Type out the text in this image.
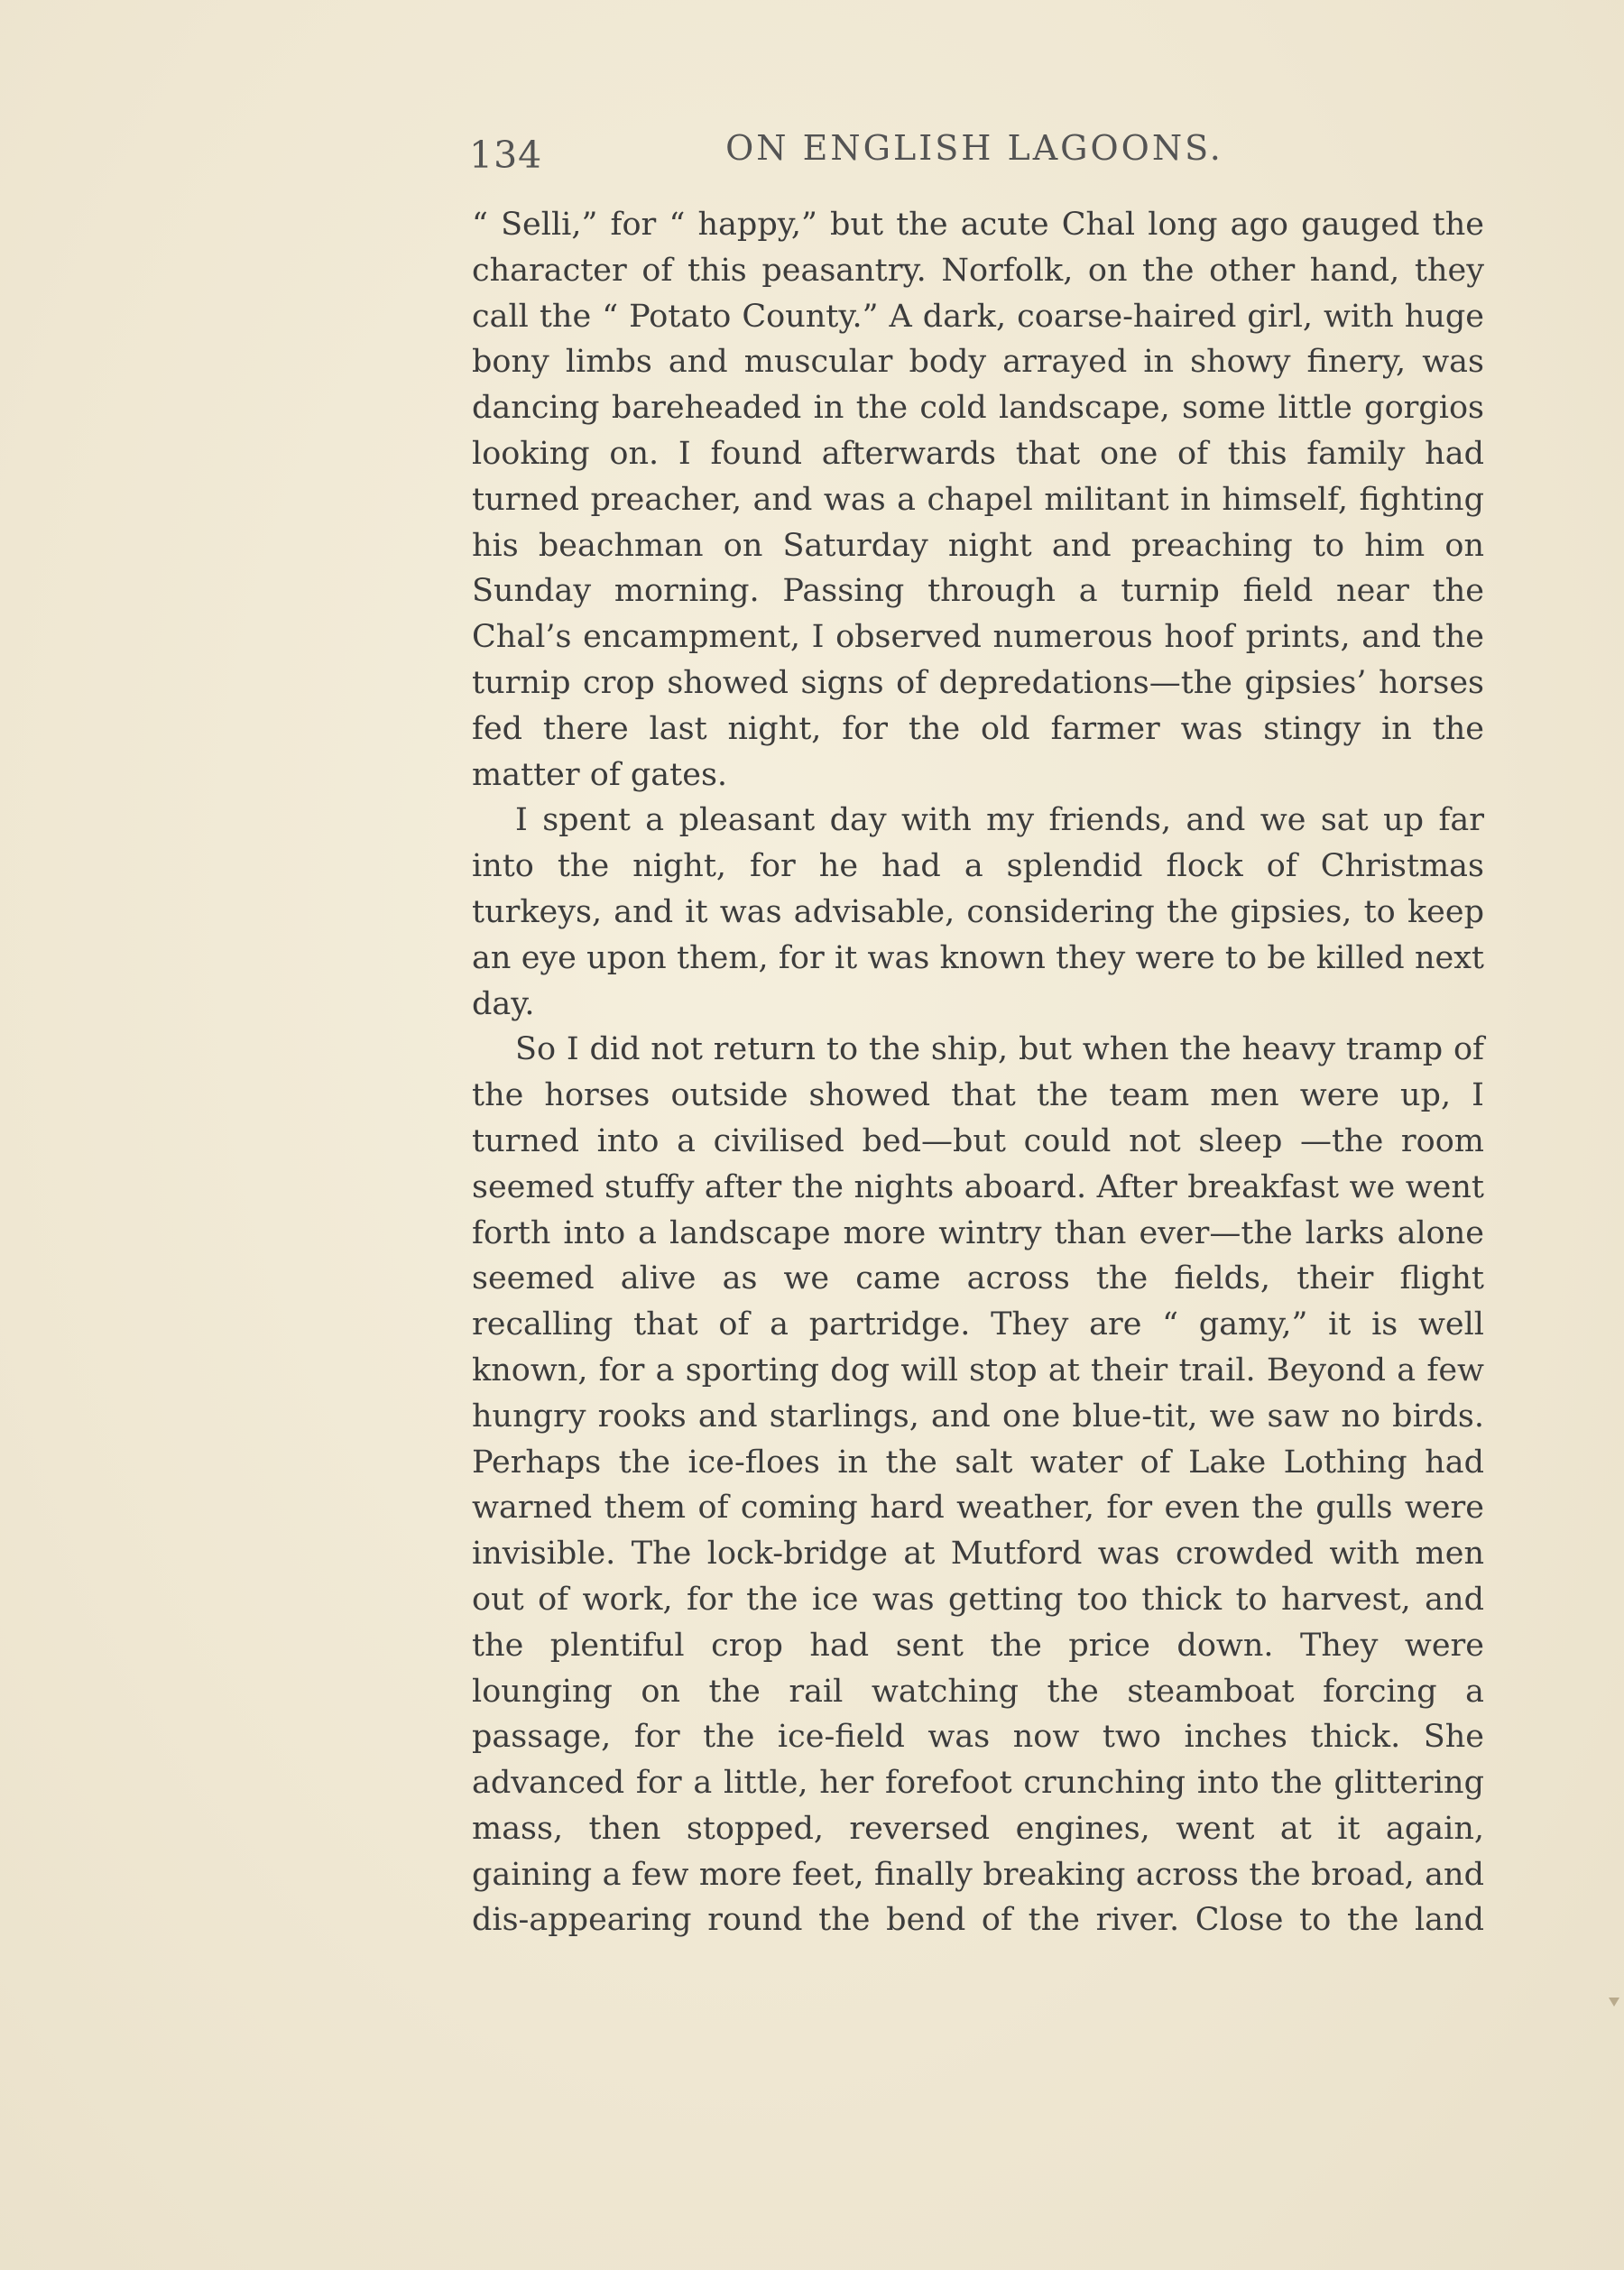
134	ON ENGLISH LAGOONS.

“ Selli,” for “ happy,” but the acute Chal long ago gauged the character of this peasantry. Norfolk, on the other hand, they call the “ Potato County.” A dark, coarse-haired girl, with huge bony limbs and muscular body arrayed in showy finery, was dancing bareheaded in the cold landscape, some little gorgios looking on. I found afterwards that one of this family had turned preacher, and was a chapel militant in himself, fighting his beachman on Saturday night and preaching to him on Sunday morning. Passing through a turnip field near the Chal’s encampment, I observed numerous hoof prints, and the turnip crop showed signs of depredations—the gipsies’ horses fed there last night, for the old farmer was stingy in the matter of gates.

I spent a pleasant day with my friends, and we sat up far into the night, for he had a splendid flock of Christmas turkeys, and it was advisable, considering the gipsies, to keep an eye upon them, for it was known they were to be killed next day.

So I did not return to the ship, but when the heavy tramp of the horses outside showed that the team men were up, I turned into a civilised bed—but could not sleep —the room seemed stuffy after the nights aboard. After breakfast we went forth into a landscape more wintry than ever—the larks alone seemed alive as we came across the fields, their flight recalling that of a partridge. They are “ gamy,” it is well known, for a sporting dog will stop at their trail. Beyond a few hungry rooks and starlings, and one blue-tit, we saw no birds. Perhaps the ice-floes in the salt water of Lake Lothing had warned them of coming hard weather, for even the gulls were invisible. The lock-bridge at Mutford was crowded with men out of work, for the ice was getting too thick to harvest, and the plentiful crop had sent the price down. They were lounging on the rail watching the steamboat forcing a passage, for the ice-field was now two inches thick. She advanced for a little, her forefoot crunching into the glittering mass, then stopped, reversed engines, went at it again, gaining a few more feet, finally breaking across the broad, and dis-appearing round the bend of the river. Close to the land
